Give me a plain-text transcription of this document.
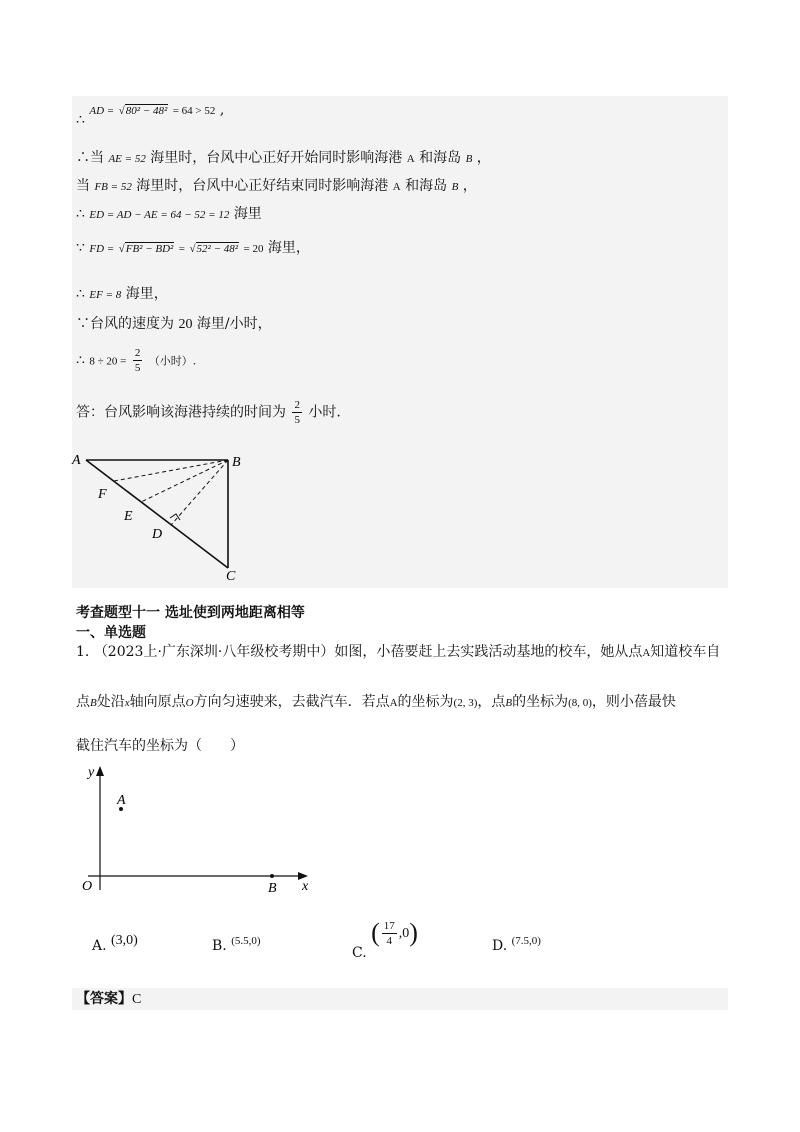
∴ AD = √80² − 48² = 64 > 52 ,
∴当 AE = 52 海里时，台风中心正好开始同时影响海港 A 和海岛 B ，
当 FB = 52 海里时，台风中心正好结束同时影响海港 A 和海岛 B ，
∴ ED = AD − AE = 64 − 52 = 12 海里
∵ FD = √FB² − BD² = √52² − 48² = 20 海里，
∴ EF = 8 海里，
∵台风的速度为 20 海里/小时，
∴ $8 \div 20 = \frac{2}{5}$ （小时）.
答：台风影响该海港持续的时间为 $\frac{2}{5}$ 小时.
A	B
C
F
E
D
考查题型十一 选址使到两地距离相等
一、单选题
1. （2023上·广东深圳·八年级校考期中）如图，小蓓要赶上去实践活动基地的校车，她从点A知道校车自
点B处沿x轴向原点O方向匀速驶来，去截汽车．若点A的坐标为(2, 3)，点B的坐标为(8, 0)，则小蓓最快
截住汽车的坐标为（　　）
y
x
O
A
B
A. (3,0)	B. $^{(5.5,0)}$
C. ( $\frac{17}{4} ,0$)	D. $^{(7.5,0)}$
【答案】C
